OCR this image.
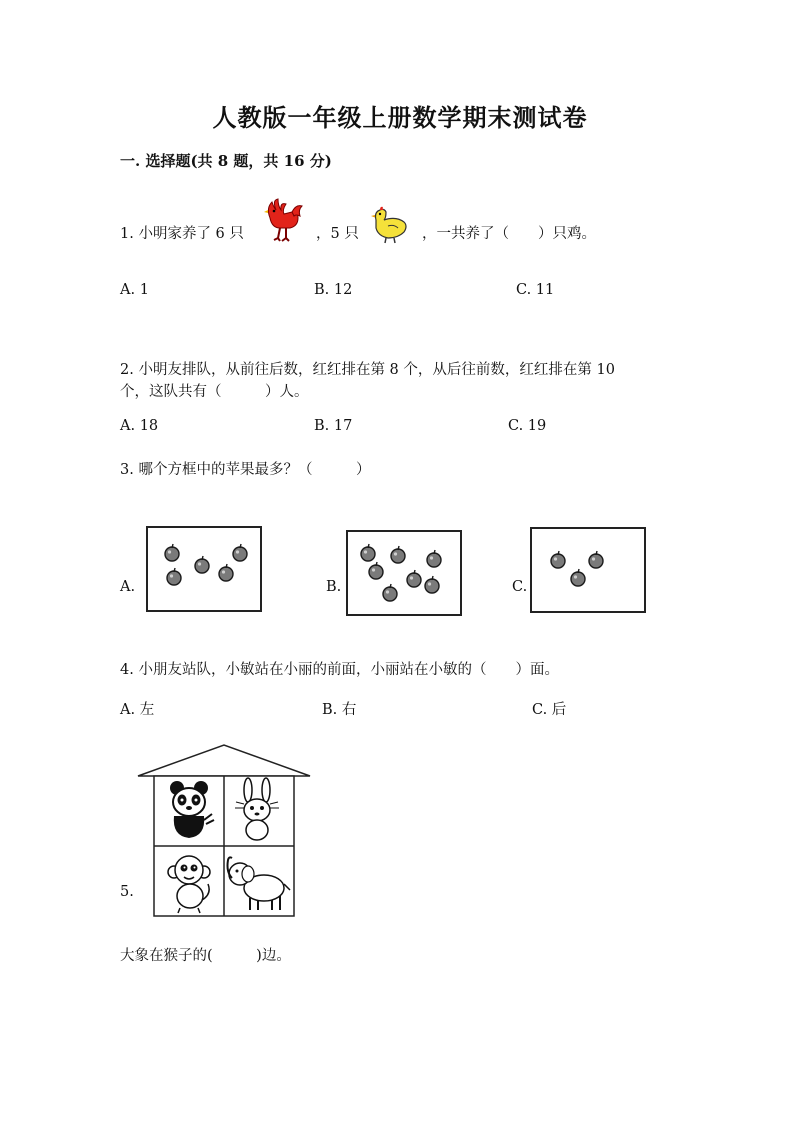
人教版一年级上册数学期末测试卷
一. 选择题(共 8 题，共 16 分)
1. 小明家养了 6 只	，5 只	，一共养了（　　）只鸡。
A. 1	B. 12	C. 11
2. 小明友排队，从前往后数，红红排在第 8 个，从后往前数，红红排在第 10
个，这队共有（　　　）人。
A. 18	B. 17	C. 19
3. 哪个方框中的苹果最多？（　　　）
A.	B.	C.
4. 小朋友站队，小敏站在小丽的前面，小丽站在小敏的（　　）面。
A. 左	B. 右	C. 后
5.
大象在猴子的(　　　)边。
